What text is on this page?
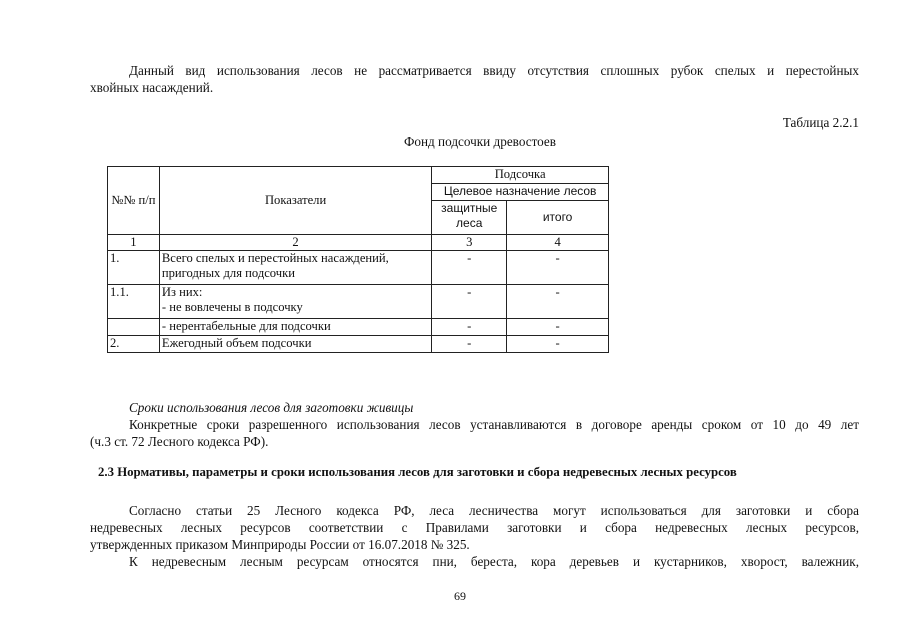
Данный вид использования лесов не рассматривается ввиду отсутствия сплошных рубок спелых и перестойных
хвойных насаждений.
Таблица 2.2.1
Фонд подсочки древостоев
№№ п/п	Показатели	Подсочка	
		Целевое назначение лесов	
		защитные леса	итого
1	2	3	4
1.	Всего спелых и перестойных насаждений, пригодных для подсочки	-	-
1.1.	Из них:
- не вовлечены в подсочку	-	-
	- нерентабельные для подсочки	-	-
2.	Ежегодный объем подсочки	-	-
Сроки использования лесов для заготовки живицы
Конкретные сроки разрешенного использования лесов устанавливаются в договоре аренды сроком от 10 до 49 лет
(ч.3 ст. 72 Лесного кодекса РФ).
2.3 Нормативы, параметры и сроки использования лесов для заготовки и сбора недревесных лесных ресурсов
Согласно статьи 25 Лесного кодекса РФ, леса лесничества могут использоваться для заготовки и сбора
недревесных лесных ресурсов соответствии с Правилами заготовки и сбора недревесных лесных ресурсов,
утвержденных приказом Минприроды России от 16.07.2018 № 325.
К недревесным лесным ресурсам относятся пни, береста, кора деревьев и кустарников, хворост, валежник,
69
